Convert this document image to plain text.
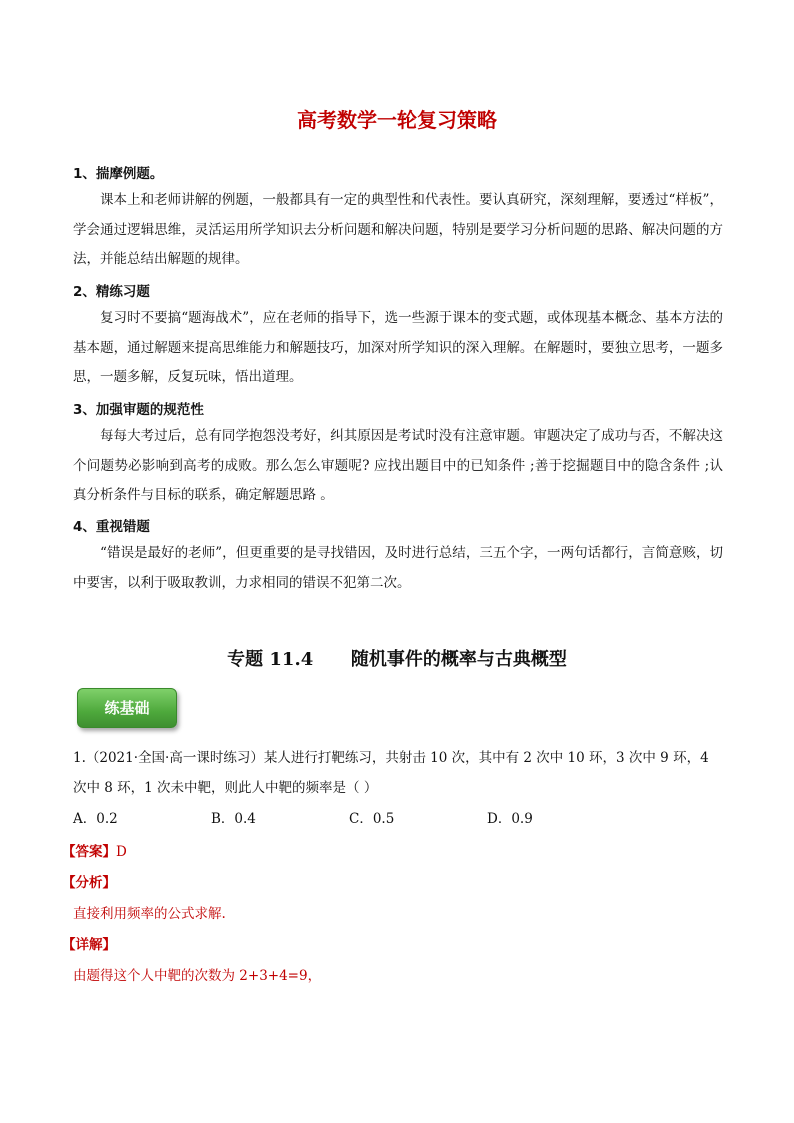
高考数学一轮复习策略
1、揣摩例题。

课本上和老师讲解的例题，一般都具有一定的典型性和代表性。要认真研究，深刻理解，要透过“样板”，学会通过逻辑思维，灵活运用所学知识去分析问题和解决问题，特别是要学习分析问题的思路、解决问题的方法，并能总结出解题的规律。

2、精练习题

复习时不要搞“题海战术”，应在老师的指导下，选一些源于课本的变式题，或体现基本概念、基本方法的基本题，通过解题来提高思维能力和解题技巧，加深对所学知识的深入理解。在解题时，要独立思考，一题多思，一题多解，反复玩味，悟出道理。

3、加强审题的规范性

每每大考过后，总有同学抱怨没考好，纠其原因是考试时没有注意审题。审题决定了成功与否，不解决这个问题势必影响到高考的成败。那么怎么审题呢? 应找出题目中的已知条件 ;善于挖掘题目中的隐含条件 ;认真分析条件与目标的联系，确定解题思路 。

4、重视错题

“错误是最好的老师”，但更重要的是寻找错因，及时进行总结，三五个字，一两句话都行，言简意赅，切中要害，以利于吸取教训，力求相同的错误不犯第二次。

专题 11.4      随机事件的概率与古典概型
练基础

1.（2021·全国·高一课时练习）某人进行打靶练习，共射击 10 次，其中有 2 次中 10 环，3 次中 9 环，4 次中 8 环，1 次未中靶，则此人中靶的频率是（ ）

A．0.2	B．0.4	C．0.5	D．0.9
【答案】D
【分析】
直接利用频率的公式求解.
【详解】
由题得这个人中靶的次数为 2+3+4=9，
